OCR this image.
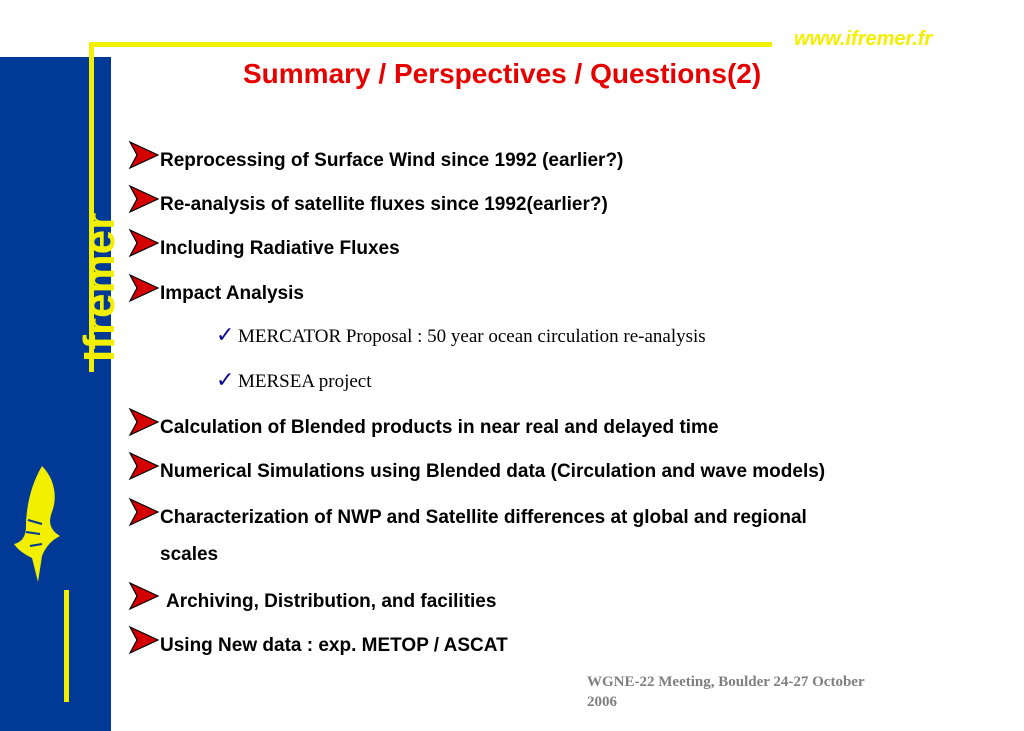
Ifremer
www.ifremer.fr
Summary / Perspectives / Questions(2)
Reprocessing of Surface Wind since 1992 (earlier?)
Re-analysis of satellite fluxes since 1992(earlier?)
Including Radiative Fluxes
Impact Analysis
✓ MERCATOR Proposal : 50 year ocean circulation re-analysis
✓ MERSEA project
Calculation of Blended products in near real and delayed time
Numerical Simulations using Blended data (Circulation and wave models)
Characterization of NWP and Satellite differences at global and regional
scales
Archiving, Distribution, and facilities
Using New data : exp. METOP / ASCAT
WGNE-22 Meeting, Boulder 24-27 October
2006
